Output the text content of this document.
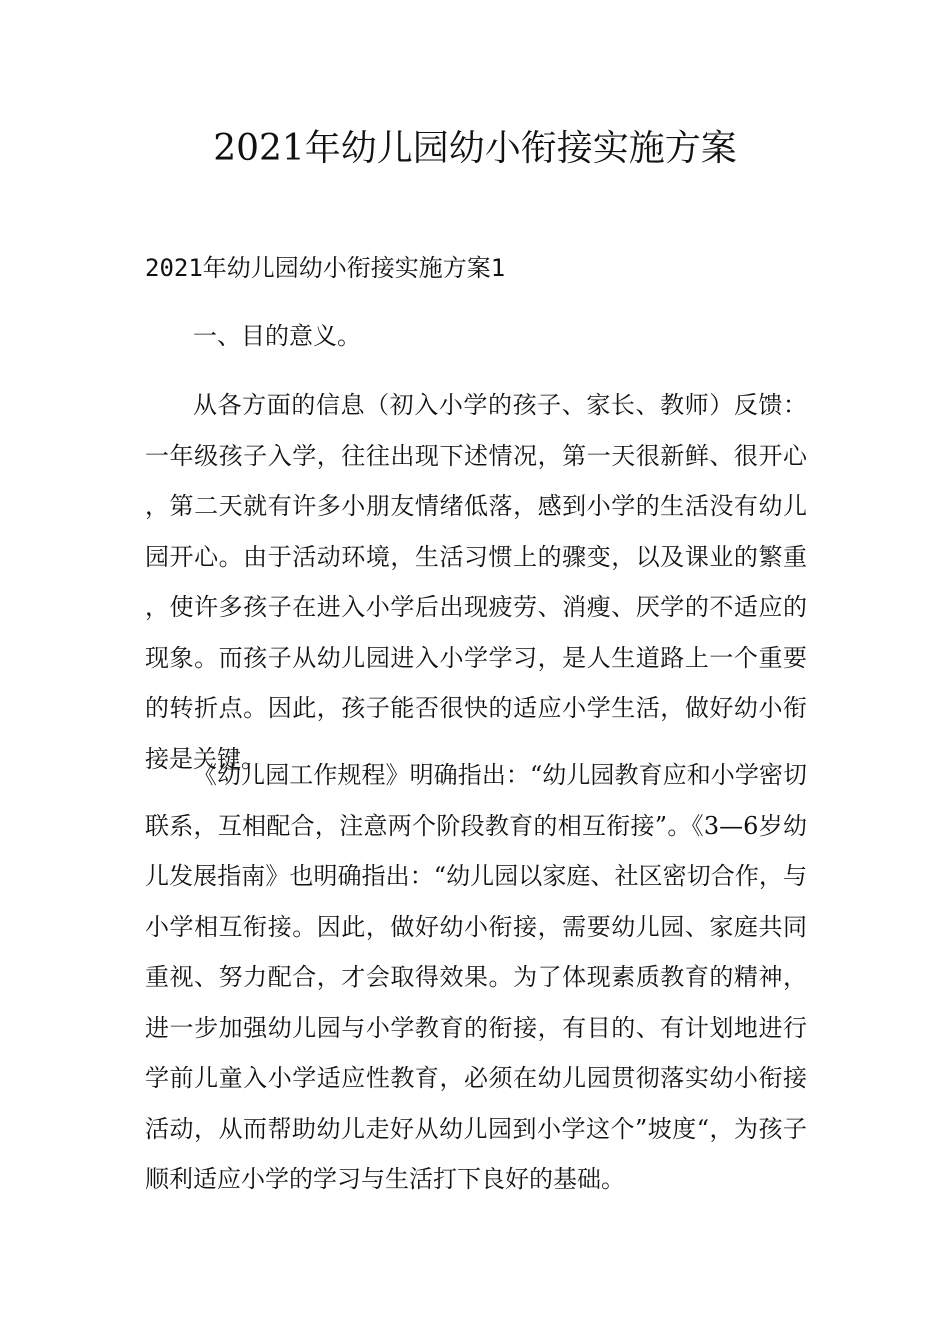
2021年幼儿园幼小衔接实施方案
2021年幼儿园幼小衔接实施方案1
一、目的意义。

从各方面的信息（初入小学的孩子、家长、教师）反馈：一年级孩子入学，往往出现下述情况，第一天很新鲜、很开心，第二天就有许多小朋友情绪低落，感到小学的生活没有幼儿园开心。由于活动环境，生活习惯上的骤变，以及课业的繁重，使许多孩子在进入小学后出现疲劳、消瘦、厌学的不适应的现象。而孩子从幼儿园进入小学学习，是人生道路上一个重要的转折点。因此，孩子能否很快的适应小学生活，做好幼小衔接是关键。

《幼儿园工作规程》明确指出：“幼儿园教育应和小学密切联系，互相配合，注意两个阶段教育的相互衔接”。《3—6岁幼儿发展指南》也明确指出：“幼儿园以家庭、社区密切合作，与小学相互衔接。因此，做好幼小衔接，需要幼儿园、家庭共同重视、努力配合，才会取得效果。为了体现素质教育的精神，进一步加强幼儿园与小学教育的衔接，有目的、有计划地进行学前儿童入小学适应性教育，必须在幼儿园贯彻落实幼小衔接活动，从而帮助幼儿走好从幼儿园到小学这个”坡度“，为孩子顺利适应小学的学习与生活打下良好的基础。
